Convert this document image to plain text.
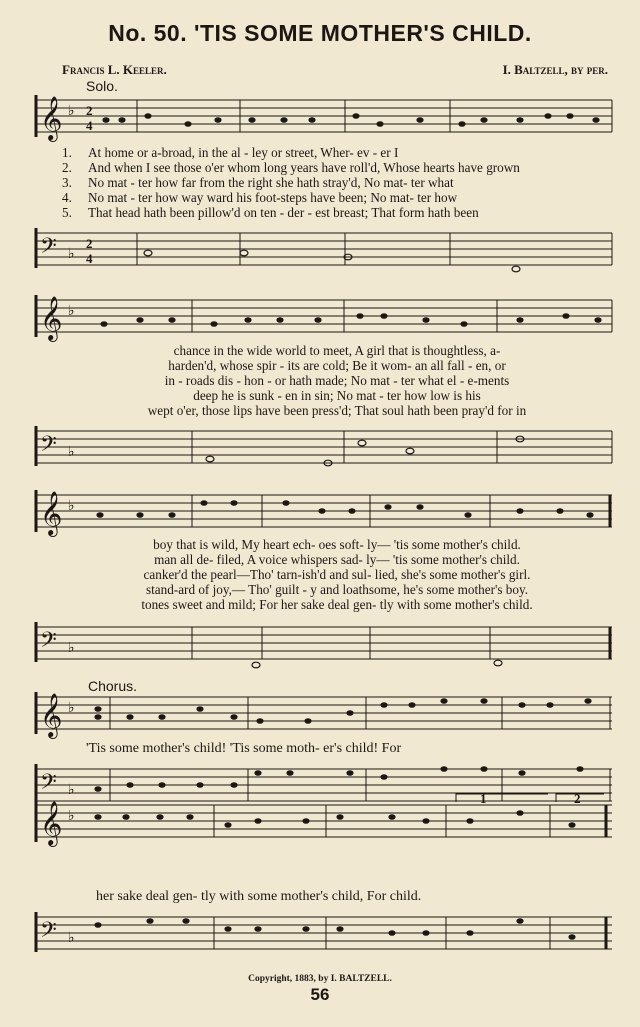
No. 50. 'TIS SOME MOTHER'S CHILD.
Francis L. Keeler.	I. Baltzell, by per.
Solo.
𝄞 ♭ 2
4
1. At home or a-broad, in the al - ley or street, Wher- ev - er I
2. And when I see those o'er whom long years have roll'd, Whose hearts have grown
3. No mat - ter how far from the right she hath stray'd, No mat- ter what
4. No mat - ter how way ward his foot-steps have been; No mat- ter how
5. That head hath been pillow'd on ten - der - est breast; That form hath been
𝄢 ♭
2
4
𝄞 ♭
chance in the wide world to meet, A girl that is thoughtless, a-
harden'd, whose spir - its are cold; Be it wom- an all fall - en, or
in - roads dis - hon - or hath made; No mat - ter what el - e-ments
deep he is sunk - en in sin; No mat - ter how low is his
wept o'er, those lips have been press'd; That soul hath been pray'd for in
𝄢 ♭
𝄞 ♭
boy that is wild, My heart ech- oes soft- ly— 'tis some mother's child.
man all de- filed, A voice whispers sad- ly— 'tis some mother's child.
canker'd the pearl—Tho' tarn-ish'd and sul- lied, she's some mother's girl.
stand-ard of joy,— Tho' guilt - y and loathsome, he's some mother's boy.
tones sweet and mild; For her sake deal gen- tly with some mother's child.
𝄢 ♭
Chorus.
𝄞 ♭
'Tis some mother's child! 'Tis some moth- er's child! For
𝄢 ♭
1	2
𝄞 ♭
her sake deal gen- tly with some mother's child, For child.
𝄢 ♭
Copyright, 1883, by I. BALTZELL.
56
